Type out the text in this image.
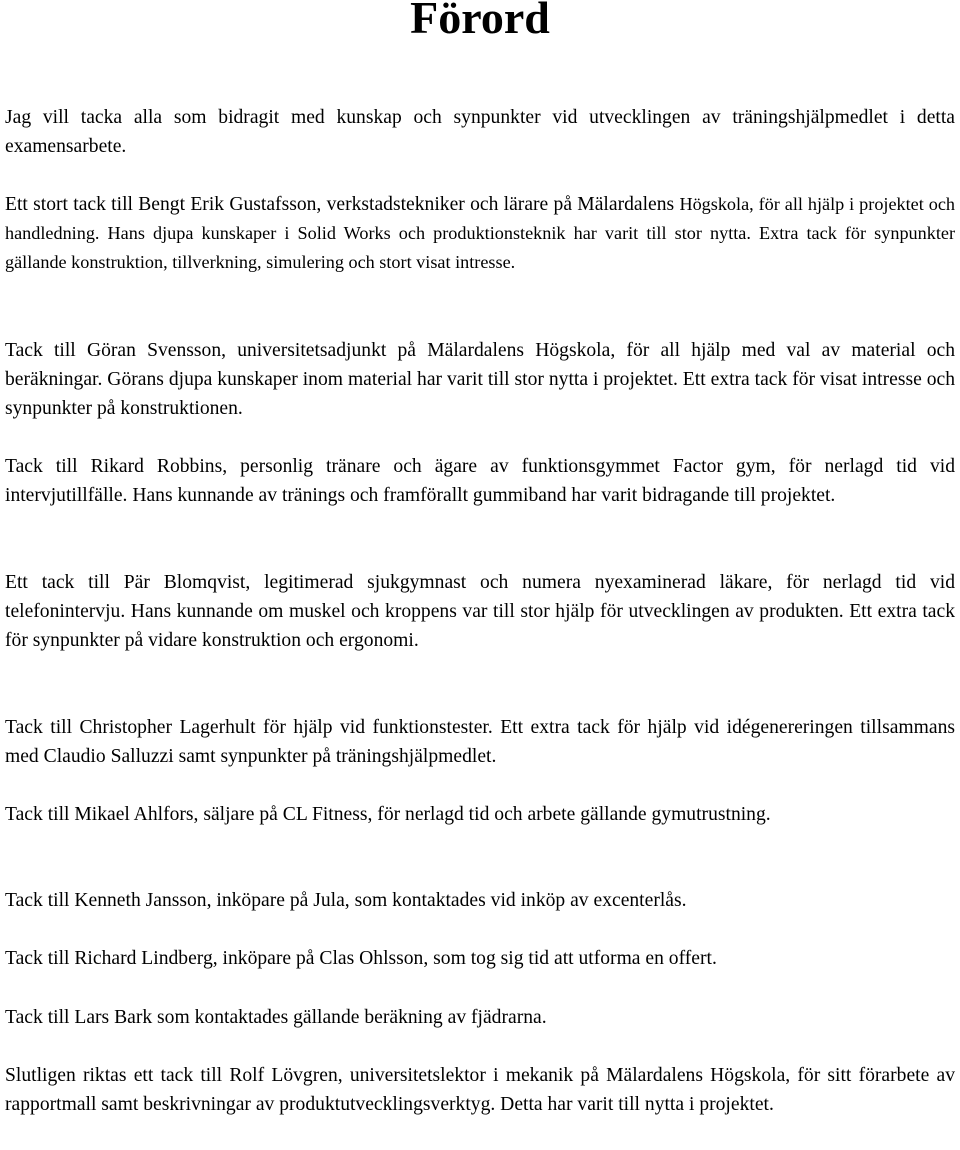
Förord

Jag vill tacka alla som bidragit med kunskap och synpunkter vid utvecklingen av träningshjälpmedlet i detta examensarbete.

Ett stort tack till Bengt Erik Gustafsson, verkstadstekniker och lärare på Mälardalens Högskola, för all hjälp i projektet och handledning. Hans djupa kunskaper i Solid Works och produktionsteknik har varit till stor nytta. Extra tack för synpunkter gällande konstruktion, tillverkning, simulering och stort visat intresse.

Tack till Göran Svensson, universitetsadjunkt på Mälardalens Högskola, för all hjälp med val av material och beräkningar. Görans djupa kunskaper inom material har varit till stor nytta i projektet. Ett extra tack för visat intresse och synpunkter på konstruktionen.

Tack till Rikard Robbins, personlig tränare och ägare av funktionsgymmet Factor gym, för nerlagd tid vid intervjutillfälle. Hans kunnande av tränings och framförallt gummiband har varit bidragande till projektet.

Ett tack till Pär Blomqvist, legitimerad sjukgymnast och numera nyexaminerad läkare, för nerlagd tid vid telefonintervju. Hans kunnande om muskel och kroppens var till stor hjälp för utvecklingen av produkten. Ett extra tack för synpunkter på vidare konstruktion och ergonomi.

Tack till Christopher Lagerhult för hjälp vid funktionstester. Ett extra tack för hjälp vid idégenereringen tillsammans med Claudio Salluzzi samt synpunkter på träningshjälpmedlet.

Tack till Mikael Ahlfors, säljare på CL Fitness, för nerlagd tid och arbete gällande gymutrustning.

Tack till Kenneth Jansson, inköpare på Jula, som kontaktades vid inköp av excenterlås.

Tack till Richard Lindberg, inköpare på Clas Ohlsson, som tog sig tid att utforma en offert.

Tack till Lars Bark som kontaktades gällande beräkning av fjädrarna.

Slutligen riktas ett tack till Rolf Lövgren, universitetslektor i mekanik på Mälardalens Högskola, för sitt förarbete av rapportmall samt beskrivningar av produktutvecklingsverktyg. Detta har varit till nytta i projektet.
